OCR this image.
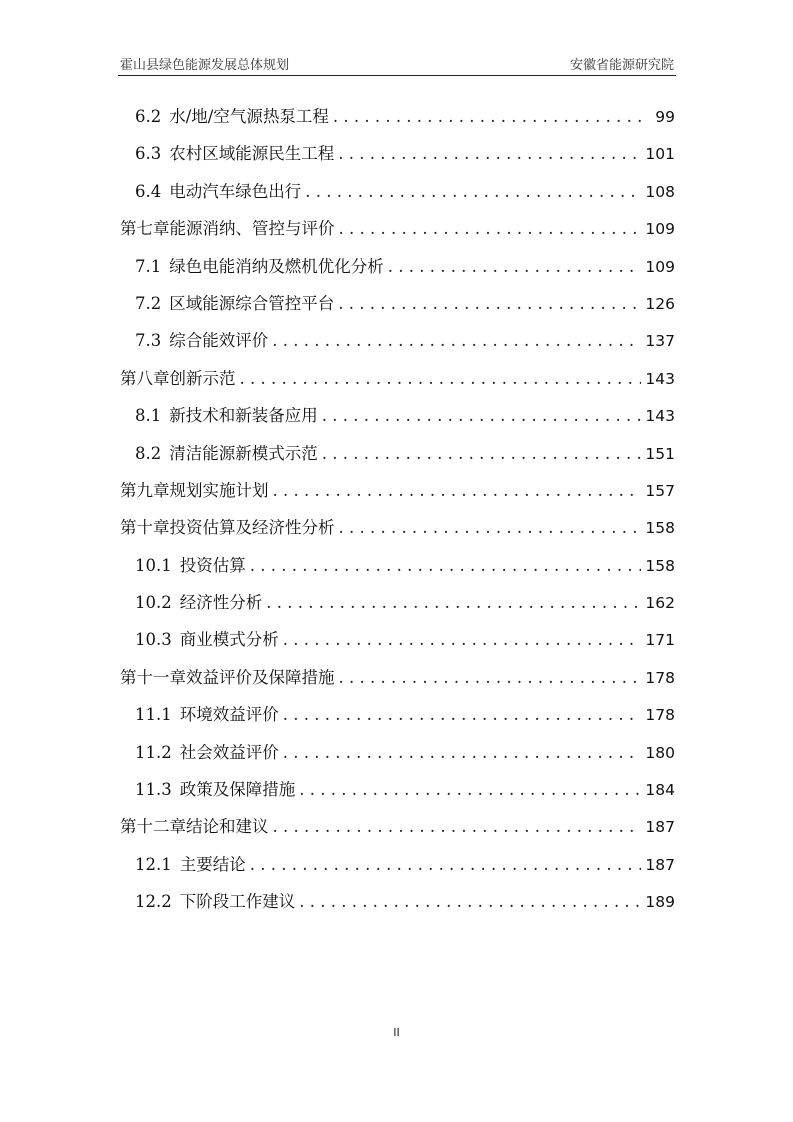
霍山县绿色能源发展总体规划	安徽省能源研究院
6.2 水/地/空气源热泵工程 . . .	99
6.3 农村区域能源民生工程 . . .	101
6.4 电动汽车绿色出行 . . .	108
第七章能源消纳、管控与评价 . . .	109
7.1 绿色电能消纳及燃机优化分析 . . .	109
7.2 区域能源综合管控平台 . . .	126
7.3 综合能效评价 . . .	137
第八章创新示范 . . .	143
8.1 新技术和新装备应用 . . .	143
8.2 清洁能源新模式示范 . . .	151
第九章规划实施计划 . . .	157
第十章投资估算及经济性分析 . . .	158
10.1 投资估算 . . .	158
10.2 经济性分析 . . .	162
10.3 商业模式分析 . . .	171
第十一章效益评价及保障措施 . . .	178
11.1 环境效益评价 . . .	178
11.2 社会效益评价 . . .	180
11.3 政策及保障措施 . . .	184
第十二章结论和建议 . . .	187
12.1 主要结论 . . .	187
12.2 下阶段工作建议 . . .	189
II
